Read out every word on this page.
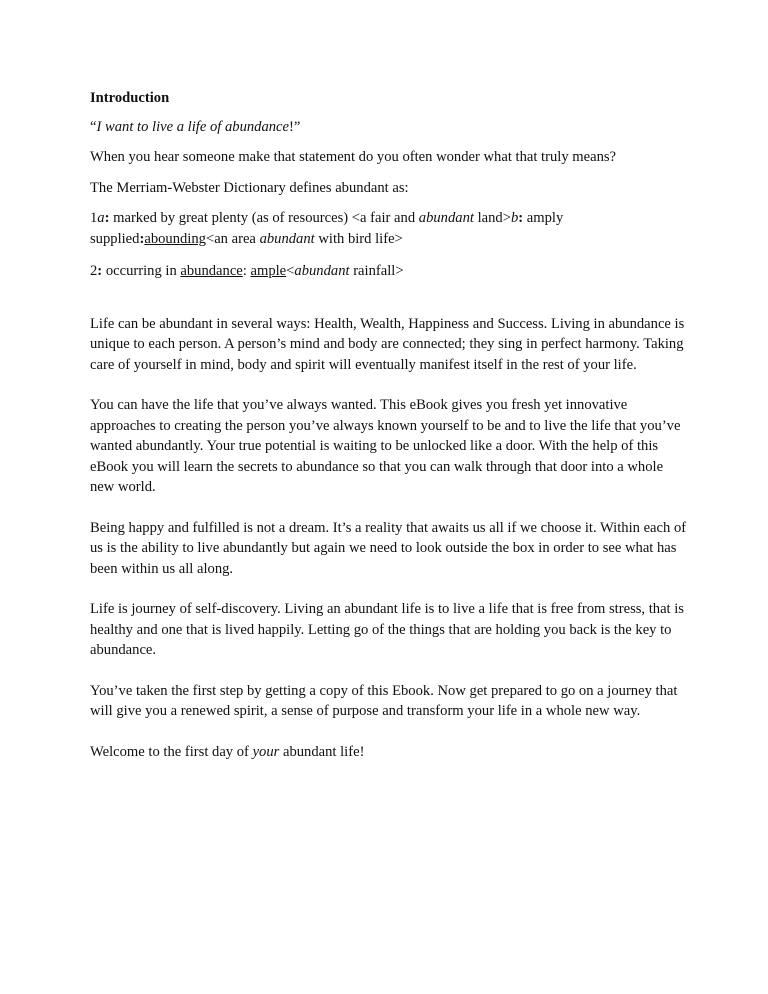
Introduction
“I want to live a life of abundance!”
When you hear someone make that statement do you often wonder what that truly means?
The Merriam-Webster Dictionary defines abundant as:
1a: marked by great plenty (as of resources) <a fair and abundant land>b: amply supplied:abounding<an area abundant with bird life>
2: occurring in abundance: ample<abundant rainfall>
Life can be abundant in several ways: Health, Wealth, Happiness and Success. Living in abundance is unique to each person. A person’s mind and body are connected; they sing in perfect harmony. Taking care of yourself in mind, body and spirit will eventually manifest itself in the rest of your life.
You can have the life that you’ve always wanted. This eBook gives you fresh yet innovative approaches to creating the person you’ve always known yourself to be and to live the life that you’ve wanted abundantly. Your true potential is waiting to be unlocked like a door. With the help of this eBook you will learn the secrets to abundance so that you can walk through that door into a whole new world.
Being happy and fulfilled is not a dream. It’s a reality that awaits us all if we choose it. Within each of us is the ability to live abundantly but again we need to look outside the box in order to see what has been within us all along.
Life is journey of self-discovery. Living an abundant life is to live a life that is free from stress, that is healthy and one that is lived happily. Letting go of the things that are holding you back is the key to abundance.
You’ve taken the first step by getting a copy of this Ebook. Now get prepared to go on a journey that will give you a renewed spirit, a sense of purpose and transform your life in a whole new way.
Welcome to the first day of your abundant life!
